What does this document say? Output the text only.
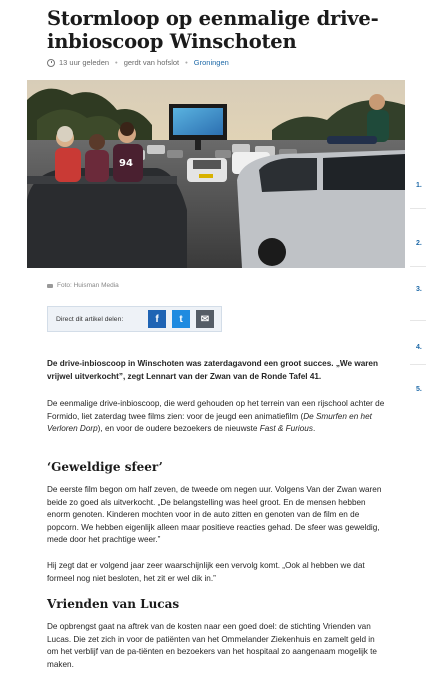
Stormloop op eenmalige drive-inbioscoop Winschoten
13 uur geleden • gerdt van hofslot • Groningen
94
Foto: Huisman Media
Direct dit artikel delen:	f	t	✉

De drive-inbioscoop in Winschoten was zaterdagavond een groot succes. „We waren vrijwel uitverkocht”, zegt Lennart van der Zwan van de Ronde Tafel 41.

De eenmalige drive-inbioscoop, die werd gehouden op het terrein van een rijschool achter de Formido, liet zaterdag twee films zien: voor de jeugd een animatiefilm (De Smurfen en het Verloren Dorp), en voor de oudere bezoekers de nieuwste Fast & Furious.

‘Geweldige sfeer’

De eerste film begon om half zeven, de tweede om negen uur. Volgens Van der Zwan waren beide zo goed als uitverkocht. „De belangstelling was heel groot. En de mensen hebben enorm genoten. Kinderen mochten voor in de auto zitten en genoten van de film en de popcorn. We hebben eigenlijk alleen maar positieve reacties gehad. De sfeer was geweldig, mede door het prachtige weer.”

Hij zegt dat er volgend jaar zeer waarschijnlijk een vervolg komt. „Ook al hebben we dat formeel nog niet besloten, het zit er wel dik in.”

Vrienden van Lucas

De opbrengst gaat na aftrek van de kosten naar een goed doel: de stichting Vrienden van Lucas. Die zet zich in voor de patiënten van het Ommelander Ziekenhuis en zamelt geld in om het verblijf van de pa-tiënten en bezoekers van het hospitaal zo aangenaam mogelijk te maken.

1.
2.
3.
4.
5.
